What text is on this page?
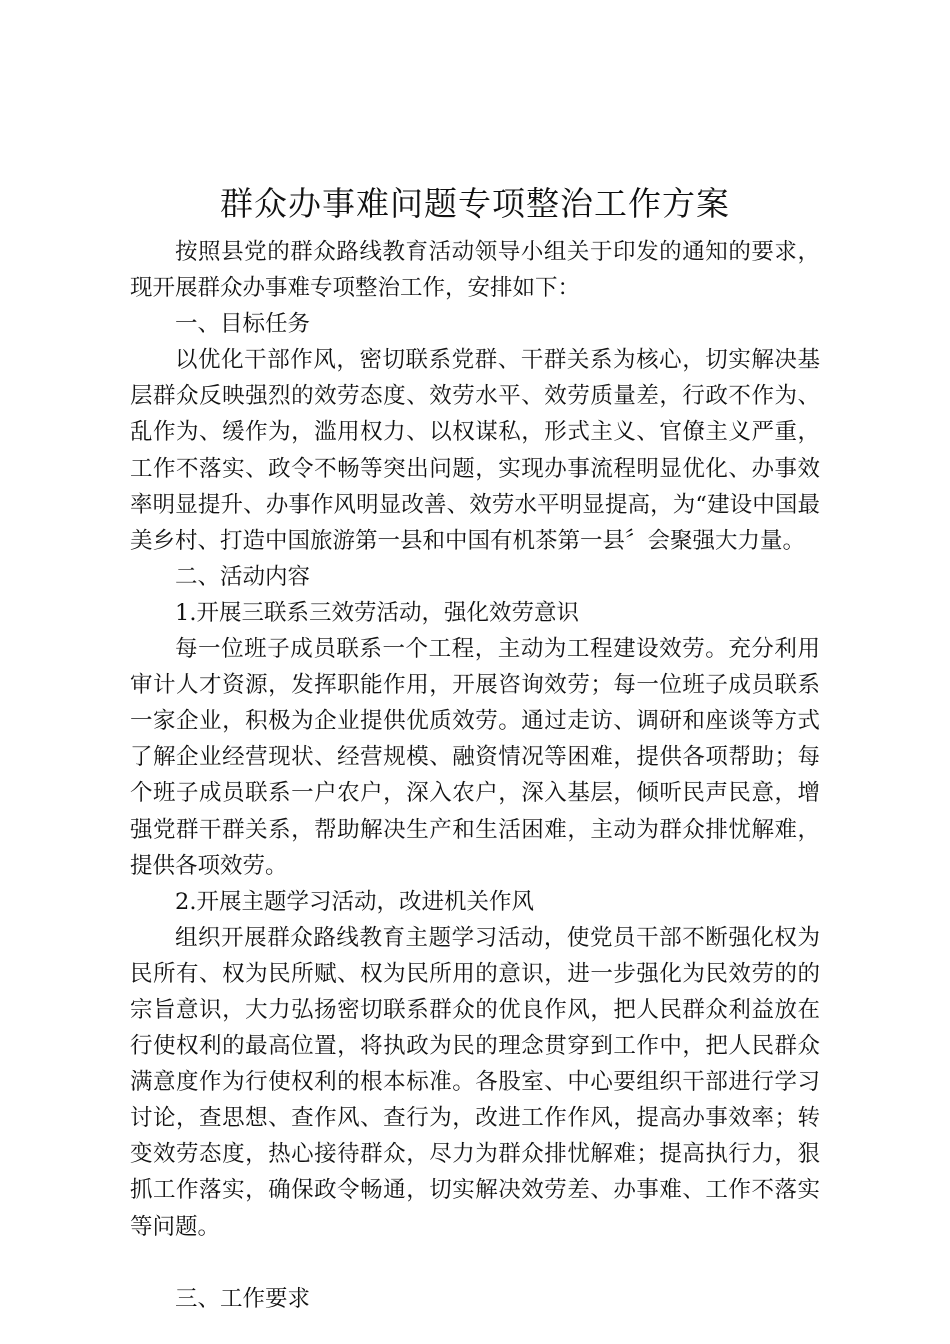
群众办事难问题专项整治工作方案

按照县党的群众路线教育活动领导小组关于印发的通知的要求，现开展群众办事难专项整治工作，安排如下：

一、目标任务

以优化干部作风，密切联系党群、干群关系为核心，切实解决基层群众反映强烈的效劳态度、效劳水平、效劳质量差，行政不作为、乱作为、缓作为，滥用权力、以权谋私，形式主义、官僚主义严重，工作不落实、政令不畅等突出问题，实现办事流程明显优化、办事效率明显提升、办事作风明显改善、效劳水平明显提高，为“建设中国最美乡村、打造中国旅游第一县和中国有机茶第一县〞会聚强大力量。

二、活动内容

1.开展三联系三效劳活动，强化效劳意识

每一位班子成员联系一个工程，主动为工程建设效劳。充分利用审计人才资源，发挥职能作用，开展咨询效劳；每一位班子成员联系一家企业，积极为企业提供优质效劳。通过走访、调研和座谈等方式了解企业经营现状、经营规模、融资情况等困难，提供各项帮助；每个班子成员联系一户农户，深入农户，深入基层，倾听民声民意，增强党群干群关系，帮助解决生产和生活困难，主动为群众排忧解难，提供各项效劳。

2.开展主题学习活动，改进机关作风

组织开展群众路线教育主题学习活动，使党员干部不断强化权为民所有、权为民所赋、权为民所用的意识，进一步强化为民效劳的的宗旨意识，大力弘扬密切联系群众的优良作风，把人民群众利益放在行使权利的最高位置，将执政为民的理念贯穿到工作中，把人民群众满意度作为行使权利的根本标准。各股室、中心要组织干部进行学习讨论，查思想、查作风、查行为，改进工作作风，提高办事效率；转变效劳态度，热心接待群众，尽力为群众排忧解难；提高执行力，狠抓工作落实，确保政令畅通，切实解决效劳差、办事难、工作不落实等问题。

三、工作要求
